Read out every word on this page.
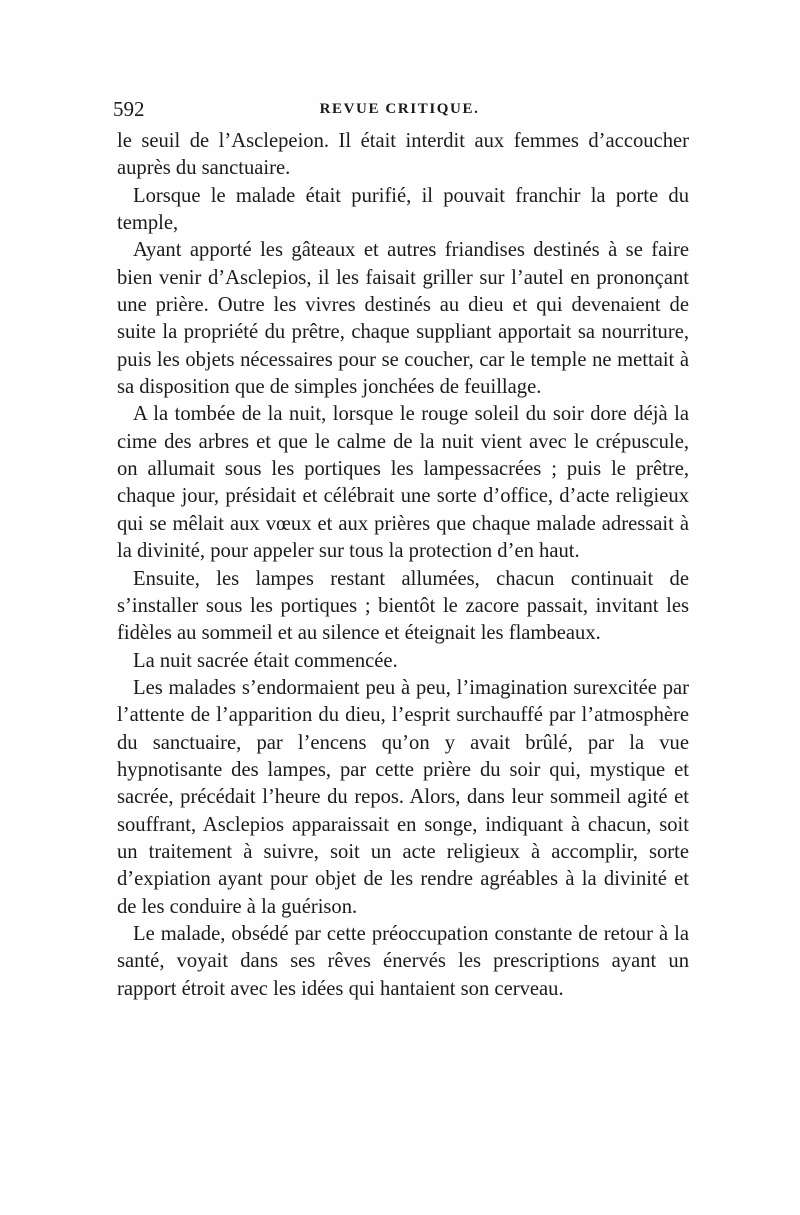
592	REVUE CRITIQUE.

le seuil de l’Asclepeion. Il était interdit aux femmes d’accoucher auprès du sanctuaire.

Lorsque le malade était purifié, il pouvait franchir la porte du temple,

Ayant apporté les gâteaux et autres friandises destinés à se faire bien venir d’Asclepios, il les faisait griller sur l’autel en prononçant une prière. Outre les vivres destinés au dieu et qui devenaient de suite la propriété du prêtre, chaque suppliant apportait sa nourriture, puis les objets nécessaires pour se coucher, car le temple ne mettait à sa disposition que de simples jonchées de feuillage.

A la tombée de la nuit, lorsque le rouge soleil du soir dore déjà la cime des arbres et que le calme de la nuit vient avec le crépuscule, on allumait sous les portiques les lampessacrées ; puis le prêtre, chaque jour, présidait et célébrait une sorte d’office, d’acte religieux qui se mêlait aux vœux et aux prières que chaque malade adressait à la divinité, pour appeler sur tous la protection d’en haut.

Ensuite, les lampes restant allumées, chacun continuait de s’installer sous les portiques ; bientôt le zacore passait, invitant les fidèles au sommeil et au silence et éteignait les flambeaux.

La nuit sacrée était commencée.

Les malades s’endormaient peu à peu, l’imagination surexcitée par l’attente de l’apparition du dieu, l’esprit surchauffé par l’atmosphère du sanctuaire, par l’encens qu’on y avait brûlé, par la vue hypnotisante des lampes, par cette prière du soir qui, mystique et sacrée, précédait l’heure du repos. Alors, dans leur sommeil agité et souffrant, Asclepios apparaissait en songe, indiquant à chacun, soit un traitement à suivre, soit un acte religieux à accomplir, sorte d’expiation ayant pour objet de les rendre agréables à la divinité et de les conduire à la guérison.

Le malade, obsédé par cette préoccupation constante de retour à la santé, voyait dans ses rêves énervés les prescriptions ayant un rapport étroit avec les idées qui hantaient son cerveau.
